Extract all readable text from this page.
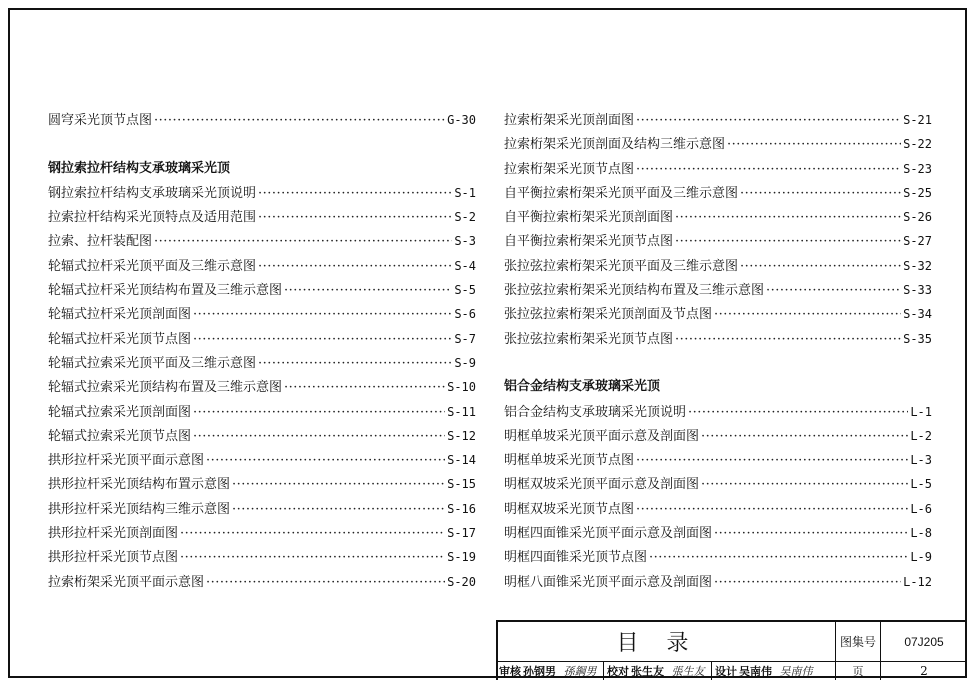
圆穹采光顶节点图 ·····	G-30
钢拉索拉杆结构支承玻璃采光顶
钢拉索拉杆结构支承玻璃采光顶说明 ·····	S-1
拉索拉杆结构采光顶特点及适用范围 ·····	S-2
拉索、拉杆装配图 ·····	S-3
轮辐式拉杆采光顶平面及三维示意图 ·····	S-4
轮辐式拉杆采光顶结构布置及三维示意图 ·····	S-5
轮辐式拉杆采光顶剖面图 ·····	S-6
轮辐式拉杆采光顶节点图 ·····	S-7
轮辐式拉索采光顶平面及三维示意图 ·····	S-9
轮辐式拉索采光顶结构布置及三维示意图 ·····	S-10
轮辐式拉索采光顶剖面图 ·····	S-11
轮辐式拉索采光顶节点图 ·····	S-12
拱形拉杆采光顶平面示意图 ·····	S-14
拱形拉杆采光顶结构布置示意图 ·····	S-15
拱形拉杆采光顶结构三维示意图 ·····	S-16
拱形拉杆采光顶剖面图 ·····	S-17
拱形拉杆采光顶节点图 ·····	S-19
拉索桁架采光顶平面示意图 ·····	S-20
拉索桁架采光顶剖面图 ·····	S-21
拉索桁架采光顶剖面及结构三维示意图 ·····	S-22
拉索桁架采光顶节点图 ·····	S-23
自平衡拉索桁架采光顶平面及三维示意图 ·····	S-25
自平衡拉索桁架采光顶剖面图 ·····	S-26
自平衡拉索桁架采光顶节点图 ·····	S-27
张拉弦拉索桁架采光顶平面及三维示意图 ·····	S-32
张拉弦拉索桁架采光顶结构布置及三维示意图 ·····	S-33
张拉弦拉索桁架采光顶剖面及节点图 ·····	S-34
张拉弦拉索桁架采光顶节点图 ·····	S-35
铝合金结构支承玻璃采光顶
铝合金结构支承玻璃采光顶说明 ·····	L-1
明框单坡采光顶平面示意及剖面图 ·····	L-2
明框单坡采光顶节点图 ·····	L-3
明框双坡采光顶平面示意及剖面图 ·····	L-5
明框双坡采光顶节点图 ·····	L-6
明框四面锥采光顶平面示意及剖面图 ·····	L-8
明框四面锥采光顶节点图 ·····	L-9
明框八面锥采光顶平面示意及剖面图 ·····	L-12
目录	图集号	07J205
审核 孙钢男 孫鋼男 校对 张生友 張生友 设计 吴南伟 吴南伟	页	2
